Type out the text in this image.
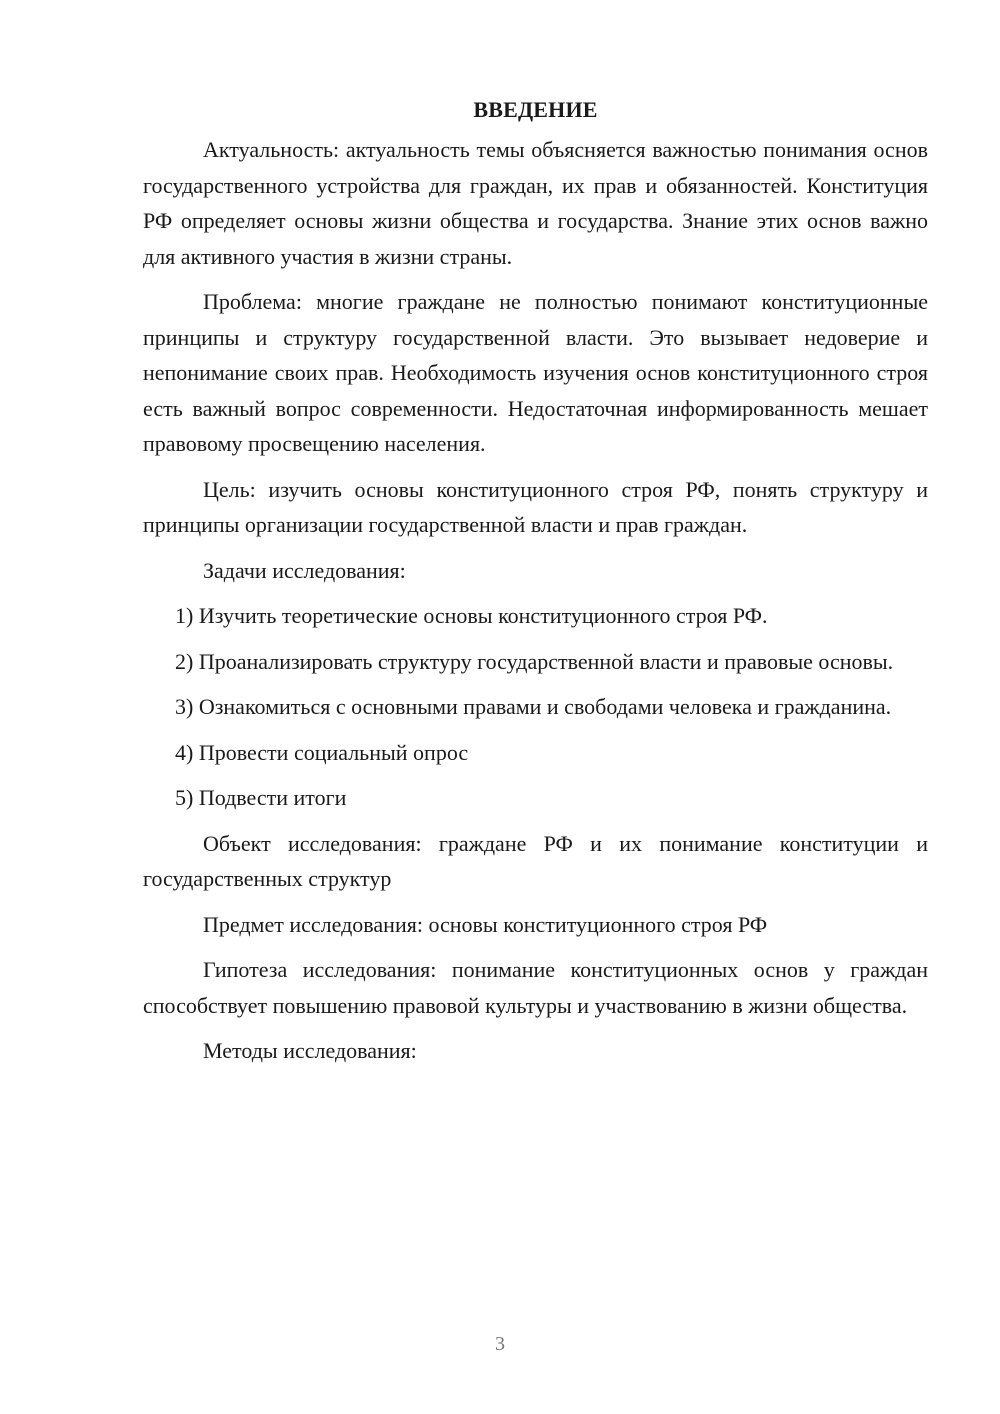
ВВЕДЕНИЕ

Актуальность: актуальность темы объясняется важностью понимания основ государственного устройства для граждан, их прав и обязанностей. Конституция РФ определяет основы жизни общества и государства. Знание этих основ важно для активного участия в жизни страны.

Проблема: многие граждане не полностью понимают конституционные принципы и структуру государственной власти. Это вызывает недоверие и непонимание своих прав. Необходимость изучения основ конституционного строя есть важный вопрос современности. Недостаточная информированность мешает правовому просвещению населения.

Цель: изучить основы конституционного строя РФ, понять структуру и принципы организации государственной власти и прав граждан.

Задачи исследования:

1) Изучить теоретические основы конституционного строя РФ.

2) Проанализировать структуру государственной власти и правовые основы.

3) Ознакомиться с основными правами и свободами человека и гражданина.

4) Провести социальный опрос

5) Подвести итоги

Объект исследования: граждане РФ и их понимание конституции и государственных структур

Предмет исследования: основы конституционного строя РФ

Гипотеза исследования: понимание конституционных основ у граждан способствует повышению правовой культуры и участвованию в жизни общества.

Методы исследования:

3
